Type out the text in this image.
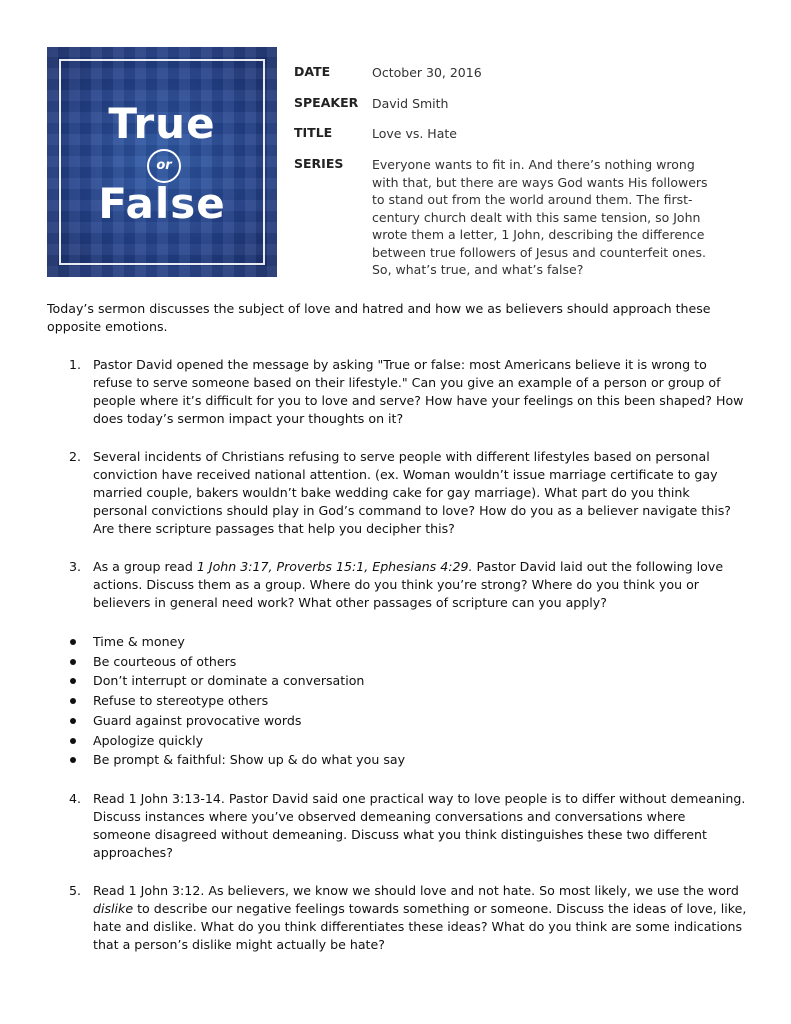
True
or
False
DATE	October 30, 2016
SPEAKER David Smith
TITLE	Love vs. Hate
SERIES Everyone wants to fit in. And there’s nothing wrong with that, but there are ways God wants His followers to stand out from the world around them. The first-century church dealt with this same tension, so John wrote them a letter, 1 John, describing the difference between true followers of Jesus and counterfeit ones. So, what’s true, and what’s false?

Today’s sermon discusses the subject of love and hatred and how we as believers should approach these opposite emotions.

1. Pastor David opened the message by asking "True or false: most Americans believe it is wrong to refuse to serve someone based on their lifestyle." Can you give an example of a person or group of people where it’s difficult for you to love and serve? How have your feelings on this been shaped? How does today’s sermon impact your thoughts on it?
2. Several incidents of Christians refusing to serve people with different lifestyles based on personal conviction have received national attention. (ex. Woman wouldn’t issue marriage certificate to gay married couple, bakers wouldn’t bake wedding cake for gay marriage). What part do you think personal convictions should play in God’s command to love? How do you as a believer navigate this? Are there scripture passages that help you decipher this?
3. As a group read 1 John 3:17, Proverbs 15:1, Ephesians 4:29. Pastor David laid out the following love actions. Discuss them as a group. Where do you think you’re strong? Where do you think you or believers in general need work? What other passages of scripture can you apply?
Time & money
Be courteous of others
Don’t interrupt or dominate a conversation
Refuse to stereotype others
Guard against provocative words
Apologize quickly
Be prompt & faithful: Show up & do what you say
4. Read 1 John 3:13-14. Pastor David said one practical way to love people is to differ without demeaning. Discuss instances where you’ve observed demeaning conversations and conversations where someone disagreed without demeaning. Discuss what you think distinguishes these two different approaches?
5. Read 1 John 3:12. As believers, we know we should love and not hate. So most likely, we use the word dislike to describe our negative feelings towards something or someone. Discuss the ideas of love, like, hate and dislike. What do you think differentiates these ideas? What do you think are some indications that a person’s dislike might actually be hate?
